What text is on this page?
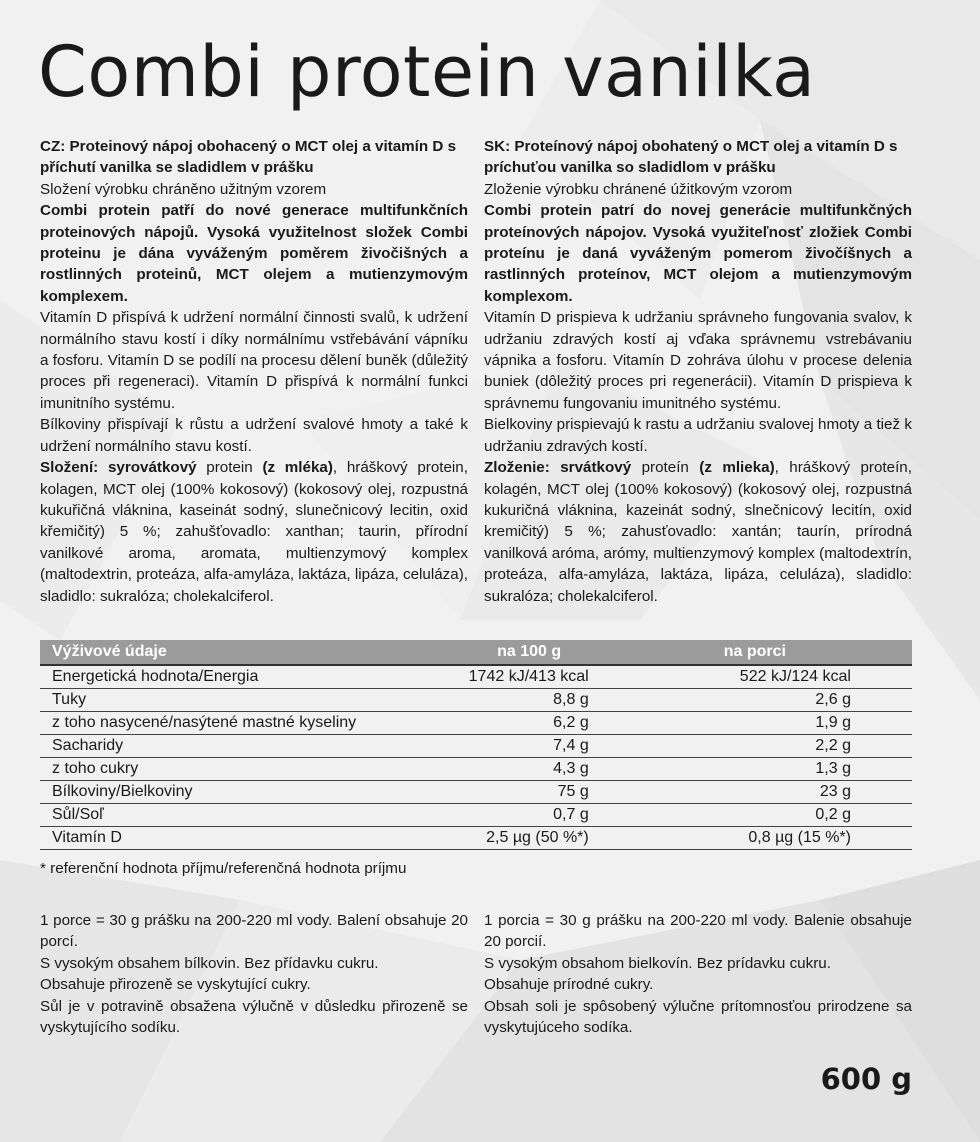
Combi protein vanilka

CZ: Proteinový nápoj obohacený o MCT olej a vitamín D s příchutí vanilka se sladidlem v prášku

Složení výrobku chráněno užitným vzorem

Combi protein patří do nové generace multifunkčních proteinových nápojů. Vysoká využitelnost složek Combi proteinu je dána vyváženým poměrem živočišných a rostlinných proteinů, MCT olejem a mutienzymovým komplexem.

Vitamín D přispívá k udržení normální činnosti svalů, k udržení normálního stavu kostí i díky normálnímu vstřebávání vápníku a fosforu. Vitamín D se podílí na procesu dělení buněk (důležitý proces při regeneraci). Vitamín D přispívá k normální funkci imunitního systému.

Bílkoviny přispívají k růstu a udržení svalové hmoty a také k udržení normálního stavu kostí.

Složení: syrovátkový protein (z mléka), hráškový protein, kolagen, MCT olej (100% kokosový) (kokosový olej, rozpustná kukuřičná vláknina, kaseinát sodný, slunečnicový lecitin, oxid křemičitý) 5 %; zahušťovadlo: xanthan; taurin, přírodní vanilkové aroma, aromata, multienzymový komplex (maltodextrin, proteáza, alfa-amyláza, laktáza, lipáza, celuláza), sladidlo: sukralóza; cholekalciferol.

SK: Proteínový nápoj obohatený o MCT olej a vitamín D s príchuťou vanilka so sladidlom v prášku

Zloženie výrobku chránené úžitkovým vzorom

Combi protein patrí do novej generácie multifunkčných proteínových nápojov. Vysoká využiteľnosť zložiek Combi proteínu je daná vyváženým pomerom živočíšnych a rastlinných proteínov, MCT olejom a mutienzymovým komplexom.

Vitamín D prispieva k udržaniu správneho fungovania svalov, k udržaniu zdravých kostí aj vďaka správnemu vstrebávaniu vápnika a fosforu. Vitamín D zohráva úlohu v procese delenia buniek (dôležitý proces pri regenerácii). Vitamín D prispieva k správnemu fungovaniu imunitného systému.

Bielkoviny prispievajú k rastu a udržaniu svalovej hmoty a tiež k udržaniu zdravých kostí.

Zloženie: srvátkový proteín (z mlieka), hráškový proteín, kolagén, MCT olej (100% kokosový) (kokosový olej, rozpustná kukuričná vláknina, kazeinát sodný, slnečnicový lecitín, oxid kremičitý) 5 %; zahusťovadlo: xantán; taurín, prírodná vanilková aróma, arómy, multienzymový komplex (maltodextrín, proteáza, alfa-amyláza, laktáza, lipáza, celuláza), sladidlo: sukralóza; cholekalciferol.

Výživové údaje	na 100 g	na porci	
Energetická hodnota/Energia	1742 kJ/413 kcal	522 kJ/124 kcal	
Tuky	8,8 g	2,6 g	
z toho nasycené/nasýtené mastné kyseliny	6,2 g	1,9 g	
Sacharidy	7,4 g	2,2 g	
z toho cukry	4,3 g	1,3 g	
Bílkoviny/Bielkoviny	75 g	23 g	
Sůl/Soľ	0,7 g	0,2 g	
Vitamín D	2,5 µg (50 %*)	0,8 µg (15 %*)	
* referenční hodnota příjmu/referenčná hodnota príjmu

1 porce = 30 g prášku na 200-220 ml vody. Balení obsahuje 20 porcí.

S vysokým obsahem bílkovin. Bez přídavku cukru.

Obsahuje přirozeně se vyskytující cukry.

Sůl je v potravině obsažena výlučně v důsledku přirozeně se vyskytujícího sodíku.

1 porcia = 30 g prášku na 200-220 ml vody. Balenie obsahuje 20 porcií.

S vysokým obsahom bielkovín. Bez prídavku cukru.

Obsahuje prírodné cukry.

Obsah soli je spôsobený výlučne prítomnosťou prirodzene sa vyskytujúceho sodíka.

600 g
